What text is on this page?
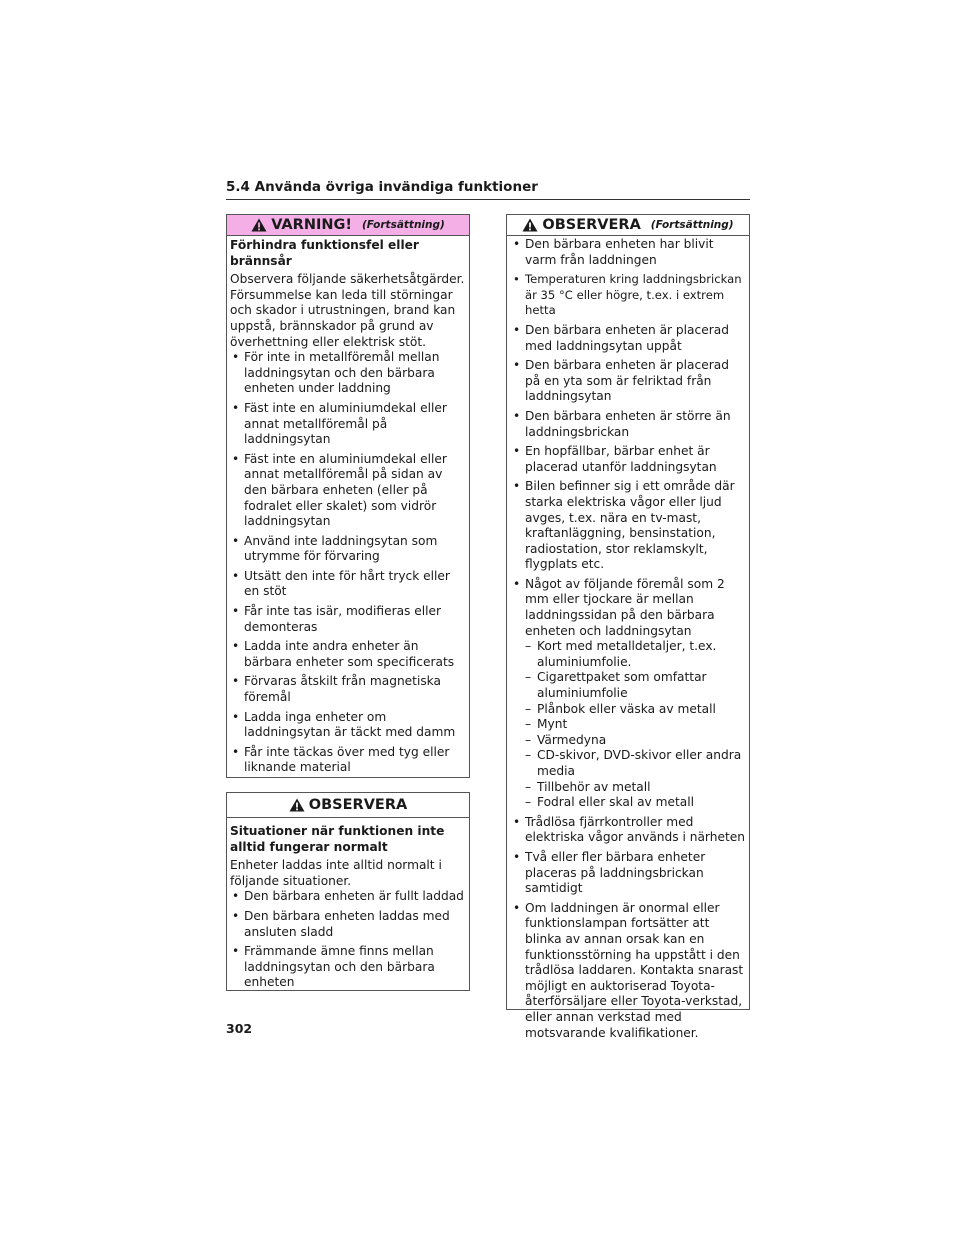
5.4 Använda övriga invändiga funktioner
VARNING! (Fortsättning)
Förhindra funktionsfel eller brännsår

Observera följande säkerhetsåtgärder. Försummelse kan leda till störningar och skador i utrustningen, brand kan uppstå, brännskador på grund av överhettning eller elektrisk stöt.

• För inte in metallföremål mellan laddningsytan och den bärbara enheten under laddning
• Fäst inte en aluminiumdekal eller annat metallföremål på laddningsytan
• Fäst inte en aluminiumdekal eller annat metallföremål på sidan av den bärbara enheten (eller på fodralet eller skalet) som vidrör laddningsytan
• Använd inte laddningsytan som utrymme för förvaring
• Utsätt den inte för hårt tryck eller en stöt
• Får inte tas isär, modifieras eller demonteras
• Ladda inte andra enheter än bärbara enheter som specificerats
• Förvaras åtskilt från magnetiska föremål
• Ladda inga enheter om laddningsytan är täckt med damm
• Får inte täckas över med tyg eller liknande material
OBSERVERA
Situationer när funktionen inte alltid fungerar normalt

Enheter laddas inte alltid normalt i följande situationer.

• Den bärbara enheten är fullt laddad
• Den bärbara enheten laddas med ansluten sladd
• Främmande ämne finns mellan laddningsytan och den bärbara enheten
OBSERVERA (Fortsättning)
• Den bärbara enheten har blivit varm från laddningen
• Temperaturen kring laddningsbrickan är 35 °C eller högre, t.ex. i extrem hetta
• Den bärbara enheten är placerad med laddningsytan uppåt
• Den bärbara enheten är placerad på en yta som är felriktad från laddningsytan
• Den bärbara enheten är större än laddningsbrickan
• En hopfällbar, bärbar enhet är placerad utanför laddningsytan
• Bilen befinner sig i ett område där starka elektriska vågor eller ljud avges, t.ex. nära en tv-mast, kraftanläggning, bensinstation, radiostation, stor reklamskylt, flygplats etc.
• Något av följande föremål som 2 mm eller tjockare är mellan laddningssidan på den bärbara enheten och laddningsytan
– Kort med metalldetaljer, t.ex. aluminiumfolie.
– Cigarettpaket som omfattar aluminiumfolie
– Plånbok eller väska av metall
– Mynt
– Värmedyna
– CD-skivor, DVD-skivor eller andra media
– Tillbehör av metall
– Fodral eller skal av metall
• Trådlösa fjärrkontroller med elektriska vågor används i närheten
• Två eller fler bärbara enheter placeras på laddningsbrickan samtidigt
• Om laddningen är onormal eller funktionslampan fortsätter att blinka av annan orsak kan en funktionsstörning ha uppstått i den trådlösa laddaren. Kontakta snarast möjligt en auktoriserad Toyota-återförsäljare eller Toyota-verkstad, eller annan verkstad med motsvarande kvalifikationer.
302
